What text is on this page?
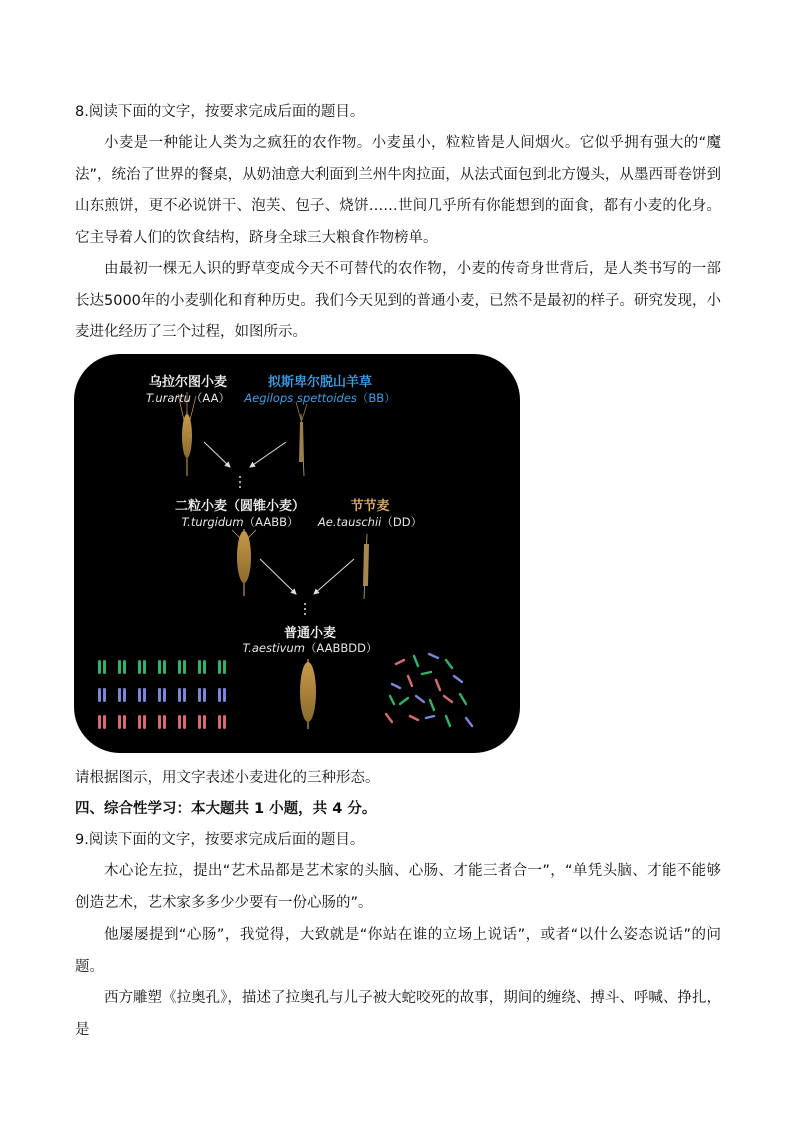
8.阅读下面的文字，按要求完成后面的题目。

小麦是一种能让人类为之疯狂的农作物。小麦虽小，粒粒皆是人间烟火。它似乎拥有强大的“魔法”，统治了世界的餐桌，从奶油意大利面到兰州牛肉拉面，从法式面包到北方馒头，从墨西哥卷饼到山东煎饼，更不必说饼干、泡芙、包子、烧饼……世间几乎所有你能想到的面食，都有小麦的化身。它主导着人们的饮食结构，跻身全球三大粮食作物榜单。

由最初一棵无人识的野草变成今天不可替代的农作物，小麦的传奇身世背后，是人类书写的一部长达5000年的小麦驯化和育种历史。我们今天见到的普通小麦，已然不是最初的样子。研究发现，小麦进化经历了三个过程，如图所示。

乌拉尔图小麦
T.urartu（AA）
拟斯卑尔脱山羊草
Aegilops spettoides（BB）
二粒小麦（圆锥小麦）
T.turgidum（AABB）
节节麦
Ae.tauschii（DD）
普通小麦
T.aestivum（AABBDD）

请根据图示，用文字表述小麦进化的三种形态。

四、综合性学习：本大题共 1 小题，共 4 分。

9.阅读下面的文字，按要求完成后面的题目。

木心论左拉，提出“艺术品都是艺术家的头脑、心肠、才能三者合一”，“单凭头脑、才能不能够创造艺术，艺术家多多少少要有一份心肠的”。

他屡屡提到“心肠”，我觉得，大致就是“你站在谁的立场上说话”，或者“以什么姿态说话”的问题。

西方雕塑《拉奥孔》，描述了拉奥孔与儿子被大蛇咬死的故事，期间的缠绕、搏斗、呼喊、挣扎，是
